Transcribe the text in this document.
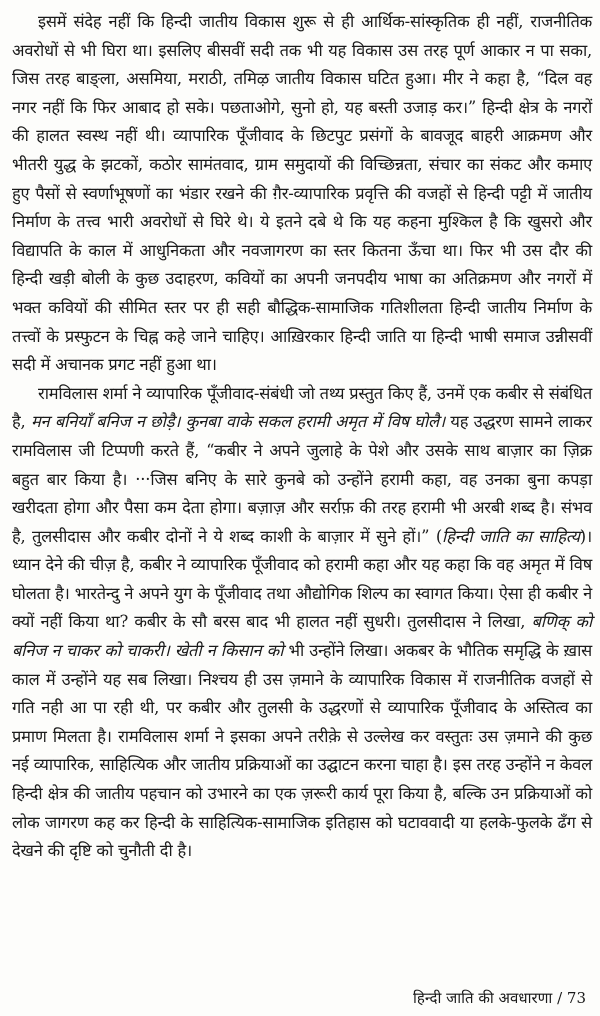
इसमें संदेह नहीं कि हिन्दी जातीय विकास शुरू से ही आर्थिक-सांस्कृतिक ही नहीं, राजनीतिक अवरोधों से भी घिरा था। इसलिए बीसवीं सदी तक भी यह विकास उस तरह पूर्ण आकार न पा सका, जिस तरह बाङ्ला, असमिया, मराठी, तमिऴ जातीय विकास घटित हुआ। मीर ने कहा है, “दिल वह नगर नहीं कि फिर आबाद हो सके। पछताओगे, सुनो हो, यह बस्ती उजाड़ कर।” हिन्दी क्षेत्र के नगरों की हालत स्वस्थ नहीं थी। व्यापारिक पूँजीवाद के छिटपुट प्रसंगों के बावजूद बाहरी आक्रमण और भीतरी युद्ध के झटकों, कठोर सामंतवाद, ग्राम समुदायों की विच्छिन्नता, संचार का संकट और कमाए हुए पैसों से स्वर्णाभूषणों का भंडार रखने की ग़ैर-व्यापारिक प्रवृत्ति की वजहों से हिन्दी पट्टी में जातीय निर्माण के तत्त्व भारी अवरोधों से घिरे थे। ये इतने दबे थे कि यह कहना मुश्किल है कि खुसरो और विद्यापति के काल में आधुनिकता और नवजागरण का स्तर कितना ऊँचा था। फिर भी उस दौर की हिन्दी खड़ी बोली के कुछ उदाहरण, कवियों का अपनी जनपदीय भाषा का अतिक्रमण और नगरों में भक्त कवियों की सीमित स्तर पर ही सही बौद्धिक-सामाजिक गतिशीलता हिन्दी जातीय निर्माण के तत्त्वों के प्रस्फुटन के चिह्न कहे जाने चाहिए। आख़िरकार हिन्दी जाति या हिन्दी भाषी समाज उन्नीसवीं सदी में अचानक प्रगट नहीं हुआ था।

रामविलास शर्मा ने व्यापारिक पूँजीवाद-संबंधी जो तथ्य प्रस्तुत किए हैं, उनमें एक कबीर से संबंधित है, मन बनियाँ बनिज न छोड़ै। कुनबा वाके सकल हरामी अमृत में विष घोलै। यह उद्धरण सामने लाकर रामविलास जी टिप्पणी करते हैं, “कबीर ने अपने जुलाहे के पेशे और उसके साथ बाज़ार का ज़िक्र बहुत बार किया है। ···जिस बनिए के सारे कुनबे को उन्होंने हरामी कहा, वह उनका बुना कपड़ा खरीदता होगा और पैसा कम देता होगा। बज़ाज़ और सर्राफ़ की तरह हरामी भी अरबी शब्द है। संभव है, तुलसीदास और कबीर दोनों ने ये शब्द काशी के बाज़ार में सुने हों।” (हिन्दी जाति का साहित्य)। ध्यान देने की चीज़ है, कबीर ने व्यापारिक पूँजीवाद को हरामी कहा और यह कहा कि वह अमृत में विष घोलता है। भारतेन्दु ने अपने युग के पूँजीवाद तथा औद्योगिक शिल्प का स्वागत किया। ऐसा ही कबीर ने क्यों नहीं किया था? कबीर के सौ बरस बाद भी हालत नहीं सुधरी। तुलसीदास ने लिखा, बणिक् को बनिज न चाकर को चाकरी। खेती न किसान को भी उन्होंने लिखा। अकबर के भौतिक समृद्धि के ख़ास काल में उन्होंने यह सब लिखा। निश्चय ही उस ज़माने के व्यापारिक विकास में राजनीतिक वजहों से गति नही आ पा रही थी, पर कबीर और तुलसी के उद्धरणों से व्यापारिक पूँजीवाद के अस्तित्व का प्रमाण मिलता है। रामविलास शर्मा ने इसका अपने तरीक़े से उल्लेख कर वस्तुतः उस ज़माने की कुछ नई व्यापारिक, साहित्यिक और जातीय प्रक्रियाओं का उद्घाटन करना चाहा है। इस तरह उन्होंने न केवल हिन्दी क्षेत्र की जातीय पहचान को उभारने का एक ज़रूरी कार्य पूरा किया है, बल्कि उन प्रक्रियाओं को लोक जागरण कह कर हिन्दी के साहित्यिक-सामाजिक इतिहास को घटाववादी या हलके-फुलके ढँग से देखने की दृष्टि को चुनौती दी है।

हिन्दी जाति की अवधारणा / 73
